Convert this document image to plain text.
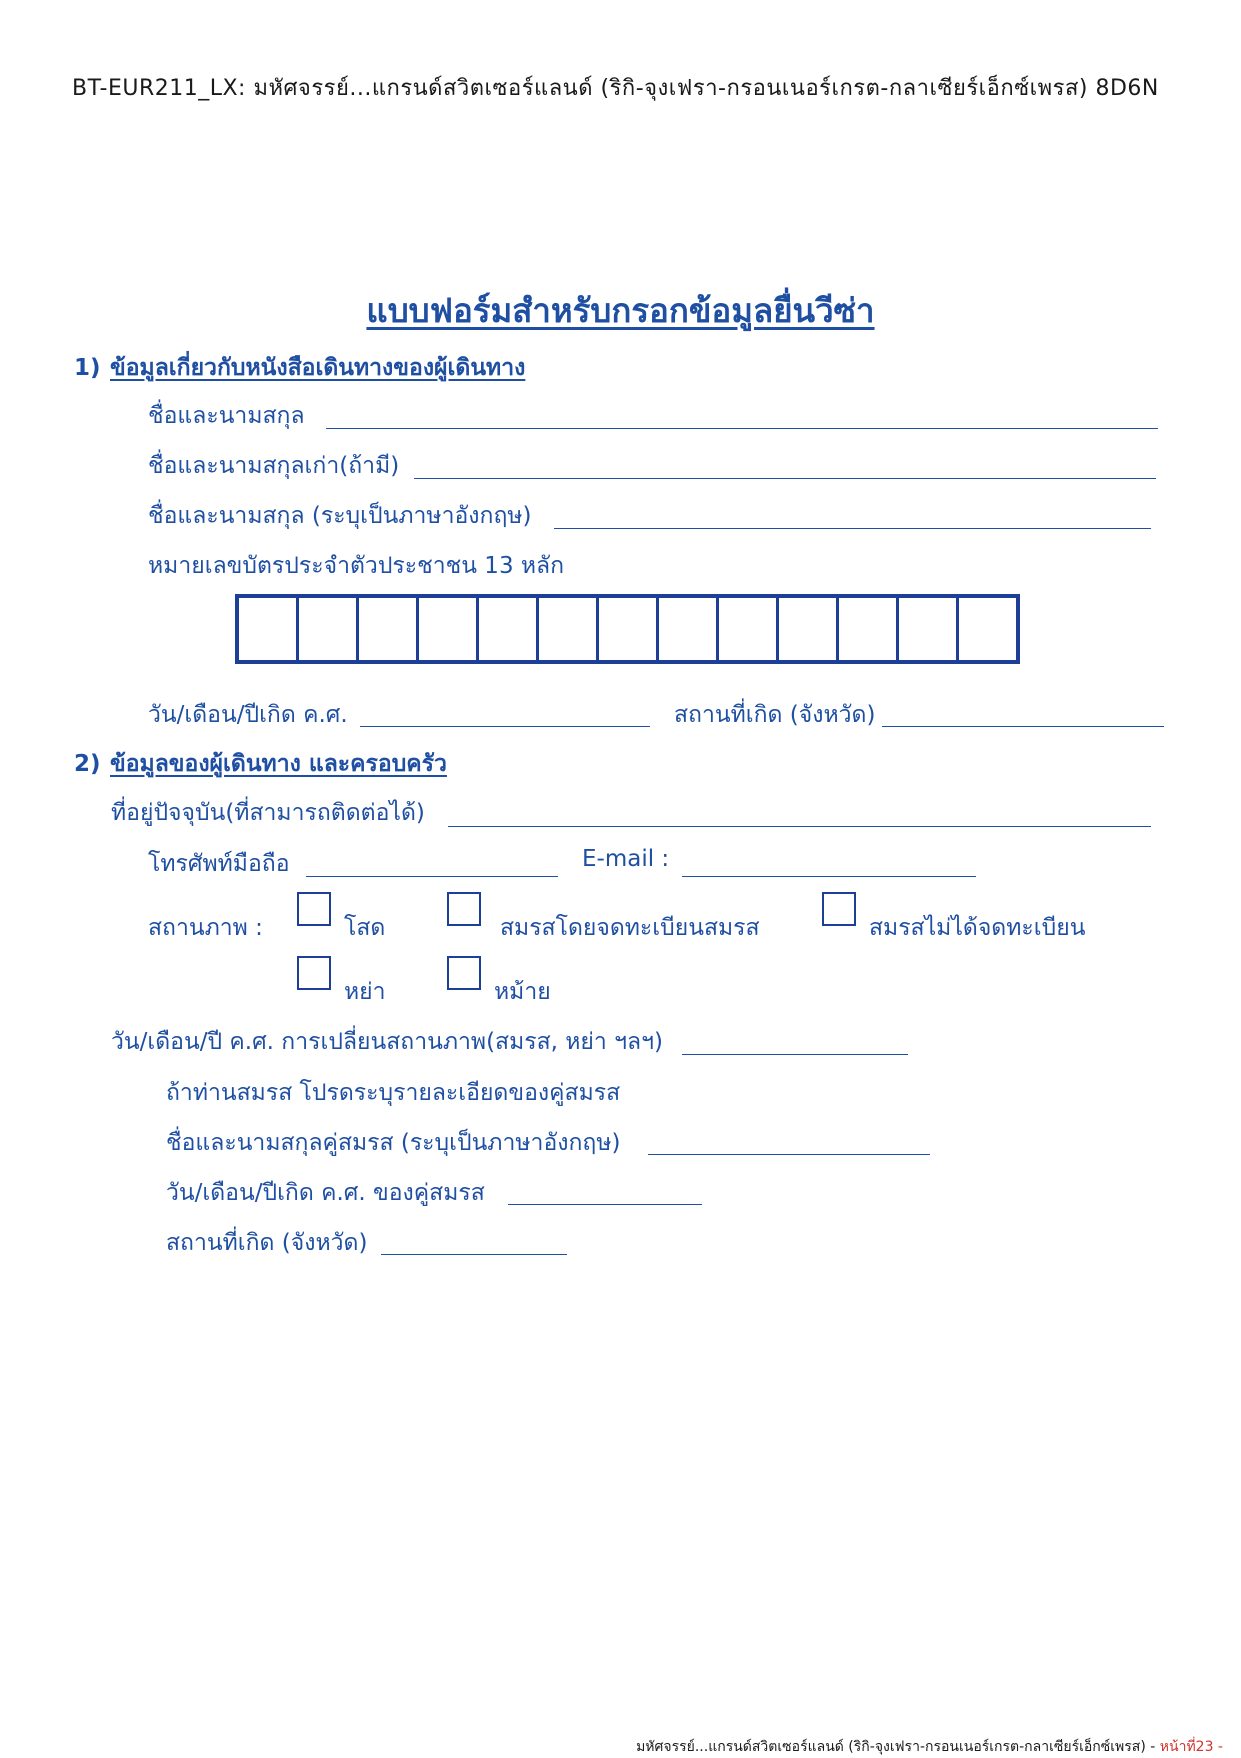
BT-EUR211_LX: มหัศจรรย์...แกรนด์สวิตเซอร์แลนด์ (ริกิ-จุงเฟรา-กรอนเนอร์เกรต-กลาเซียร์เอ็กซ์เพรส) 8D6N
แบบฟอร์มสำหรับกรอกข้อมูลยื่นวีซ่า
1) ข้อมูลเกี่ยวกับหนังสือเดินทางของผู้เดินทาง
ชื่อและนามสกุล
ชื่อและนามสกุลเก่า(ถ้ามี)
ชื่อและนามสกุล (ระบุเป็นภาษาอังกฤษ)
หมายเลขบัตรประจำตัวประชาชน 13 หลัก
วัน/เดือน/ปีเกิด ค.ศ.	สถานที่เกิด (จังหวัด)
2) ข้อมูลของผู้เดินทาง และครอบครัว
ที่อยู่ปัจจุบัน(ที่สามารถติดต่อได้)
โทรศัพท์มือถือ	E-mail :
สถานภาพ :	โสด	สมรสโดยจดทะเบียนสมรส	สมรสไม่ได้จดทะเบียน
หย่า	หม้าย
วัน/เดือน/ปี ค.ศ. การเปลี่ยนสถานภาพ(สมรส, หย่า ฯลฯ)
ถ้าท่านสมรส โปรดระบุรายละเอียดของคู่สมรส
ชื่อและนามสกุลคู่สมรส (ระบุเป็นภาษาอังกฤษ)
วัน/เดือน/ปีเกิด ค.ศ. ของคู่สมรส
สถานที่เกิด (จังหวัด)
มหัศจรรย์...แกรนด์สวิตเซอร์แลนด์ (ริกิ-จุงเฟรา-กรอนเนอร์เกรต-กลาเซียร์เอ็กซ์เพรส) - หน้าที่23 -
